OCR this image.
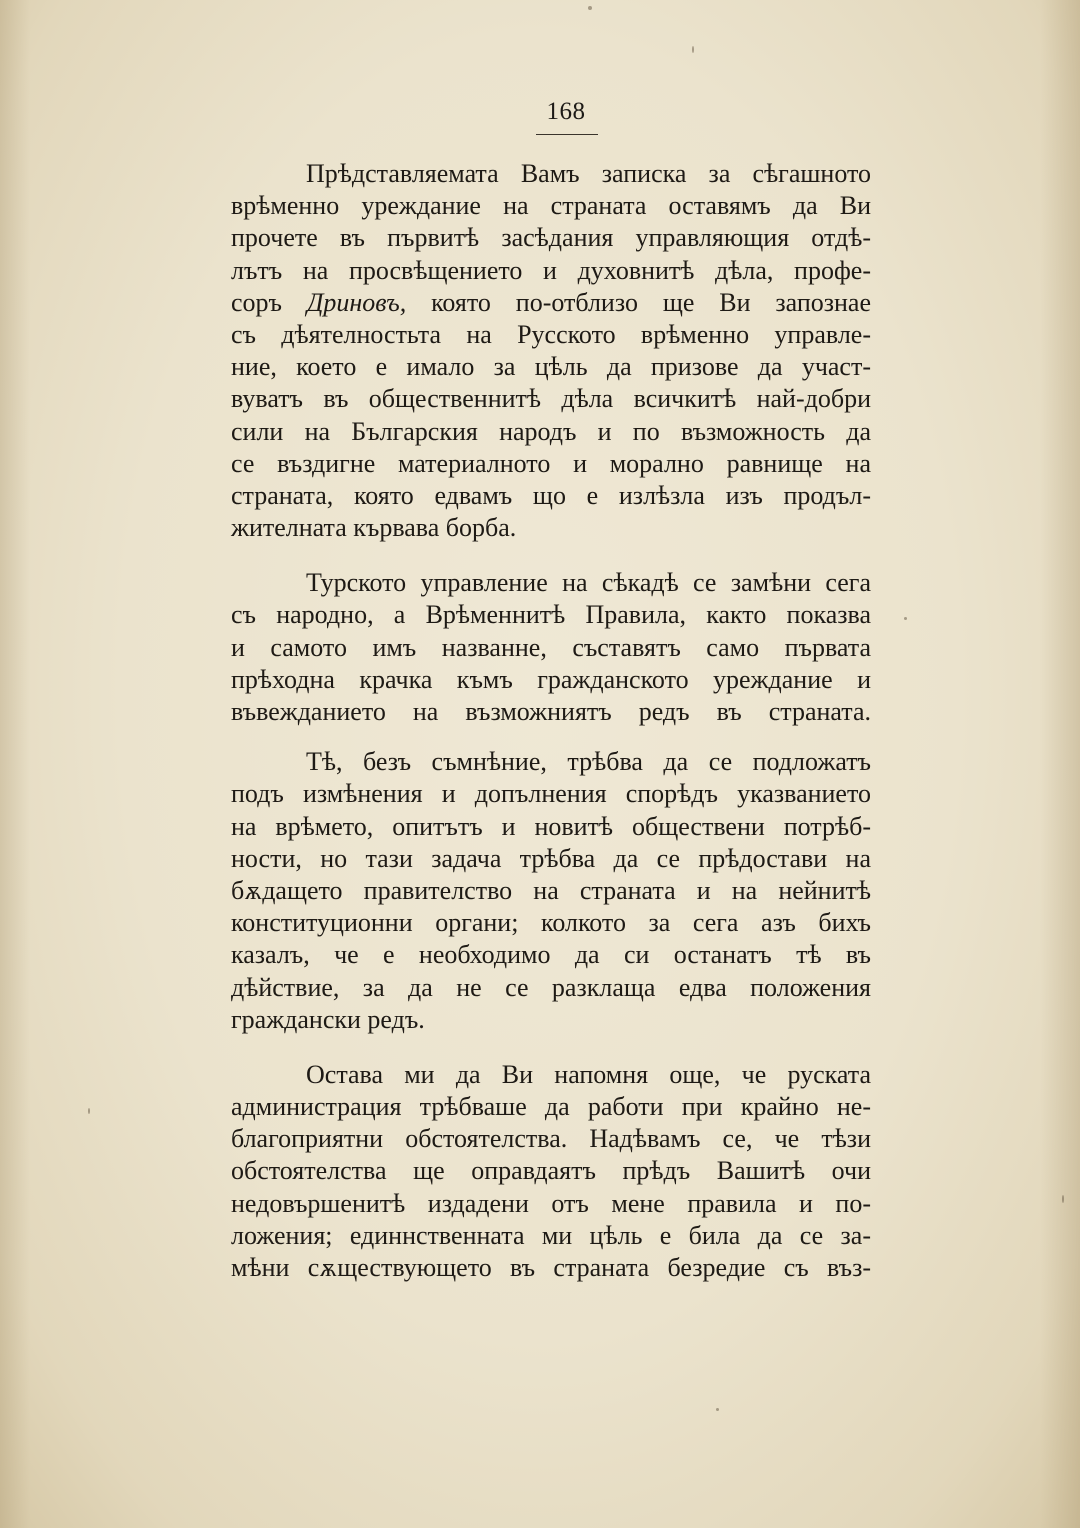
168
Прѣдставляемата Вамъ записка за сѣгашното
врѣменно уреждание на страната оставямъ да Ви
прочете въ първитѣ засѣдания управляющия отдѣ-
лътъ на просвѣщението и духовнитѣ дѣла, профе-
соръ Дриновъ, която по-отблизо ще Ви запознае
съ дѣятелностьта на Русското врѣменно управле-
ние, което е имало за цѣль да призове да участ-
вуватъ въ общественнитѣ дѣла всичкитѣ най-добри
сили на Българския народъ и по възможность да
се въздигне материалното и морално равнище на
страната, която едвамъ що е излѣзла изъ продъл-
жителната кървава борба.
Турското управление на сѣкадѣ се замѣни сега
съ народно, а Врѣменнитѣ Правила, както показва
и самото имъ названне, съставятъ само първата
прѣходна крачка къмъ гражданското уреждание и
въвежданието на възможниятъ редъ въ страната.
Тѣ, безъ съмнѣние, трѣбва да се подложатъ
подъ измѣнения и допълнения спорѣдъ указванието
на врѣмето, опитътъ и новитѣ обществени потрѣб-
ности, но тази задача трѣбва да се прѣдостави на
бѫдащето правителство на страната и на нейнитѣ
конституционни органи; колкото за сега азъ бихъ
казалъ, че е необходимо да си останатъ тѣ въ
дѣйствие, за да не се разклаща едва положения
граждански редъ.
Остава ми да Ви напомня още, че руската
администрация трѣбваше да работи при крайно не-
благоприятни обстоятелства. Надѣвамъ се, че тѣзи
обстоятелства ще оправдаятъ прѣдъ Вашитѣ очи
недовършенитѣ издадени отъ мене правила и по-
ложения; единнственната ми цѣль е била да се за-
мѣни сѫществующето въ страната безредие съ въз-
